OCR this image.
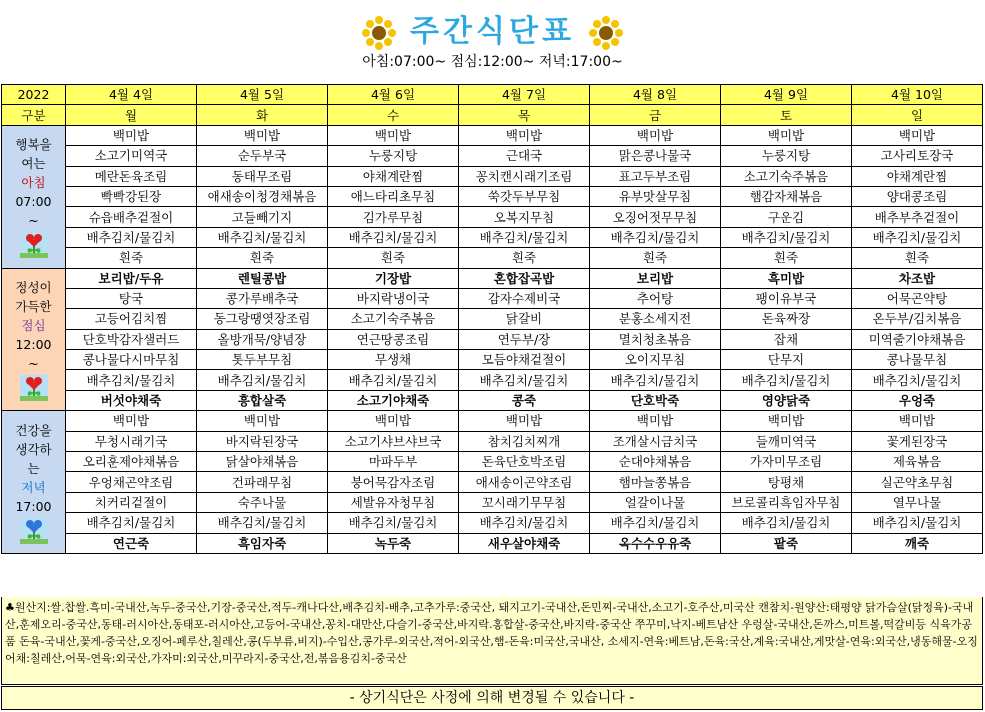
주간식단표
아침:07:00~ 점심:12:00~ 저녁:17:00~
2022	4월 4일	4월 5일	4월 6일	4월 7일	4월 8일	4월 9일	4월 10일
구분	월	화	수	목	금	토	일

행복을
여는
아침
07:00
~	백미밥	백미밥	백미밥	백미밥	백미밥	백미밥	백미밥
	소고기미역국	순두부국	누룽지탕	근대국	맑은콩나물국	누룽지탕	고사리토장국
	메란돈육조림	동태무조림	야채계란찜	꽁치캔시래기조림	표고두부조림	소고기숙주볶음	야채계란찜
	빡빡강된장	애새송이청경채볶음	애느타리초무침	쑥갓두부무침	유부맛살무침	햄감자채볶음	양대콩조림
	슈읍배추겉절이	고들빼기지	김가루무침	오복지무침	오징어젓무무침	구운김	배추부추겉절이
	배추김치/물김치	배추김치/물김치	배추김치/물김치	배추김치/물김치	배추김치/물김치	배추김치/물김치	배추김치/물김치
	흰죽	흰죽	흰죽	흰죽	흰죽	흰죽	흰죽

정성이
가득한
점심
12:00
~	보리밥/두유	렌틸콩밥	기장밥	혼합잡곡밥	보리밥	흑미밥	차조밥
	탕국	콩가루배추국	바지락냉이국	감자수제비국	추어탕	팽이유부국	어묵곤약탕
	고등어김치찜	동그랑땡엿장조림	소고기숙주볶음	닭갈비	분홍소세지전	돈육짜장	온두부/김치볶음
	단호박감자샐러드	올방개묵/양념장	연근땅콩조림	연두부/장	멸치청초볶음	잡채	미역줄기야채볶음
	콩나물다시마무침	톳두부무침	무생채	모듬야채겉절이	오이지무침	단무지	콩나물무침
	배추김치/물김치	배추김치/물김치	배추김치/물김치	배추김치/물김치	배추김치/물김치	배추김치/물김치	배추김치/물김치
	버섯야채죽	흥합살죽	소고기야채죽	콩죽	단호박죽	영양닭죽	우엉죽

건강을
생각하
는
저녁
17:00	백미밥	백미밥	백미밥	백미밥	백미밥	백미밥	백미밥
	무청시래기국	바지락된장국	소고기샤브샤브국	참치김치찌개	조개살시금치국	들깨미역국	꽃게된장국
	오리훈제야채볶음	닭살야채볶음	마파두부	돈육단호박조림	순대야채볶음	가자미무조림	제육볶음
	우엉채곤약조림	건파래무침	붕어묵감자조림	애새송이곤약조림	햄마늘쫑볶음	탕평채	실곤약초무침
	치커리겉절이	숙주나물	세발유자청무침	꼬시래기무무침	얼갈이나물	브로콜리흑임자무침	열무나물
	배추김치/물김치	배추김치/물김치	배추김치/물김치	배추김치/물김치	배추김치/물김치	배추김치/물김치	배추김치/물김치
	연근죽	흑임자죽	녹두죽	새우살야채죽	옥수수우유죽	팥죽	깨죽
♣원산지:쌀.찹쌀.흑미-국내산,녹두-중국산,기장-중국산,적두-캐나다산,배추김치-배추,고추가루:중국산, 돼지고기-국내산,돈민찌-국내산,소고기-호주산,미국산 캔참치-원양산:태평양 닭가슴살(닭정육)-국내산,훈제오리-중국산,동태-러시아산,동태포-러시아산,고등어-국내산,꽁치-대만산,다슬기-중국산,바지락.홍합살-중국산,바지락-중국산 쭈꾸미,낙지-베트남산 우렁살-국내산,돈까스,미트볼,떡갈비등 식육가공품 돈육-국내산,꽃게-중국산,오징어-페루산,칠레산,콩(두부류,비지)-수입산,콩가루-외국산,적어-외국산,햄-돈육:미국산,국내산, 소세지-연육:베트남,돈육:국산,계육:국내산,게맛살-연육:외국산,냉동해물-오징어채:칠레산,어묵-연육:외국산,가자미:외국산,미꾸라지-중국산,전,볶음용김치-중국산
- 상기식단은 사정에 의해 변경될 수 있습니다 -
